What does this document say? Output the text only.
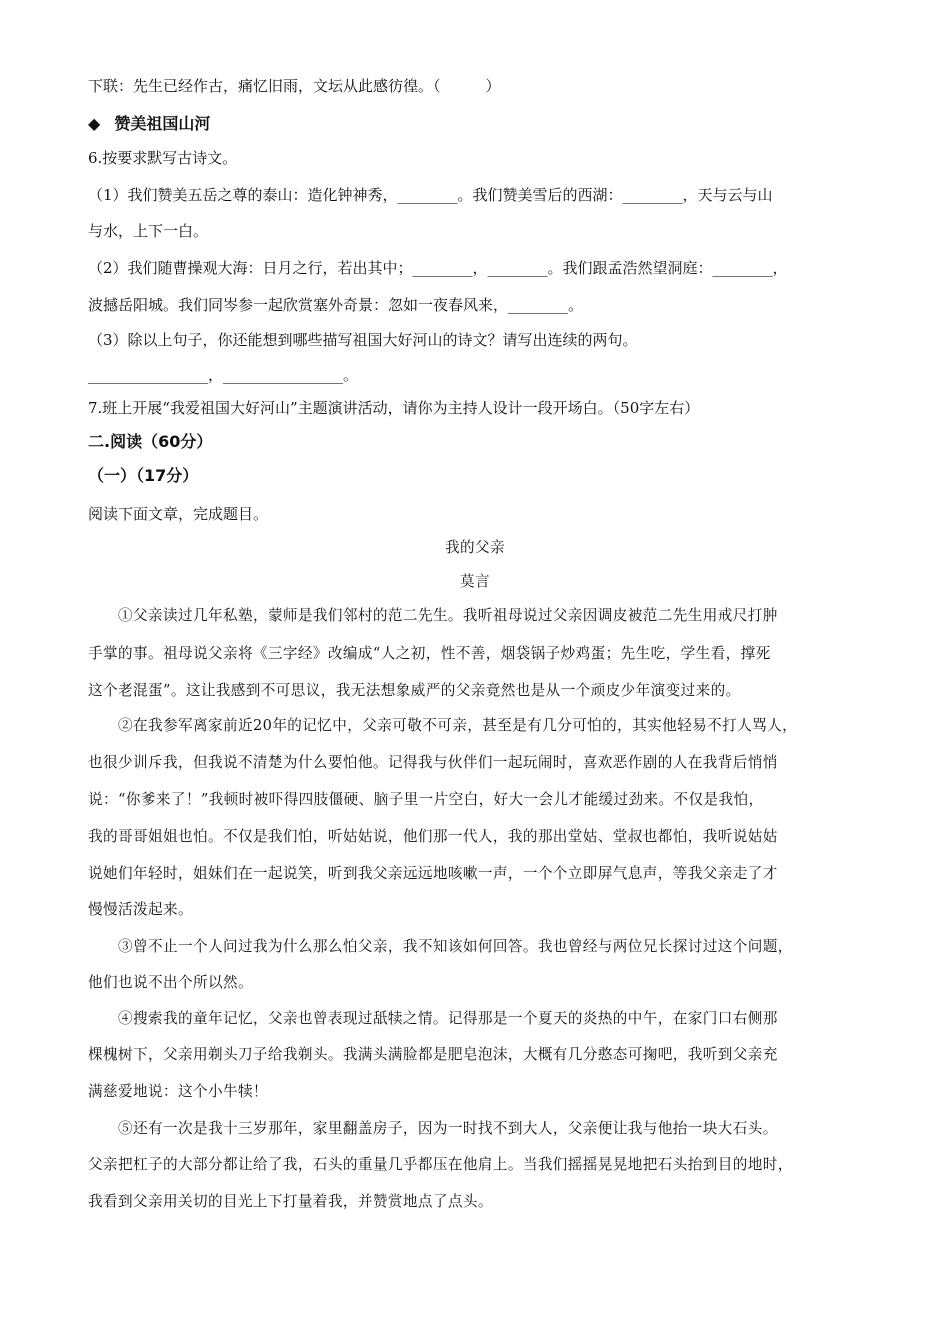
下联：先生已经作古，痛忆旧雨，文坛从此感彷徨。（　　　）
◆ 赞美祖国山河
6.按要求默写古诗文。
（1）我们赞美五岳之尊的泰山：造化钟神秀，________。我们赞美雪后的西湖：________，天与云与山
与水，上下一白。
（2）我们随曹操观大海：日月之行，若出其中；________，________。我们跟孟浩然望洞庭：________，
波撼岳阳城。我们同岑参一起欣赏塞外奇景：忽如一夜春风来，________。
（3）除以上句子，你还能想到哪些描写祖国大好河山的诗文？请写出连续的两句。
________________，________________。
7.班上开展“我爱祖国大好河山”主题演讲活动，请你为主持人设计一段开场白。（50字左右）
二.阅读（60分）
（一）（17分）
阅读下面文章，完成题目。
我的父亲
莫言
①父亲读过几年私塾，蒙师是我们邻村的范二先生。我听祖母说过父亲因调皮被范二先生用戒尺打肿
手掌的事。祖母说父亲将《三字经》改编成“人之初，性不善，烟袋锅子炒鸡蛋；先生吃，学生看，撑死
这个老混蛋”。这让我感到不可思议，我无法想象威严的父亲竟然也是从一个顽皮少年演变过来的。
②在我参军离家前近20年的记忆中，父亲可敬不可亲，甚至是有几分可怕的，其实他轻易不打人骂人，
也很少训斥我，但我说不清楚为什么要怕他。记得我与伙伴们一起玩闹时，喜欢恶作剧的人在我背后悄悄
说：“你爹来了！”我顿时被吓得四肢僵硬、脑子里一片空白，好大一会儿才能缓过劲来。不仅是我怕，
我的哥哥姐姐也怕。不仅是我们怕，听姑姑说，他们那一代人，我的那出堂姑、堂叔也都怕，我听说姑姑
说她们年轻时，姐妹们在一起说笑，听到我父亲远远地咳嗽一声，一个个立即屏气息声，等我父亲走了才
慢慢活泼起来。
③曾不止一个人问过我为什么那么怕父亲，我不知该如何回答。我也曾经与两位兄长探讨过这个问题，
他们也说不出个所以然。
④搜索我的童年记忆，父亲也曾表现过舐犊之情。记得那是一个夏天的炎热的中午，在家门口右侧那
棵槐树下，父亲用剃头刀子给我剃头。我满头满脸都是肥皂泡沫，大概有几分憨态可掬吧，我听到父亲充
满慈爱地说：这个小牛犊！
⑤还有一次是我十三岁那年，家里翻盖房子，因为一时找不到大人，父亲便让我与他抬一块大石头。
父亲把杠子的大部分都让给了我，石头的重量几乎都压在他肩上。当我们摇摇晃晃地把石头抬到目的地时，
我看到父亲用关切的目光上下打量着我，并赞赏地点了点头。
